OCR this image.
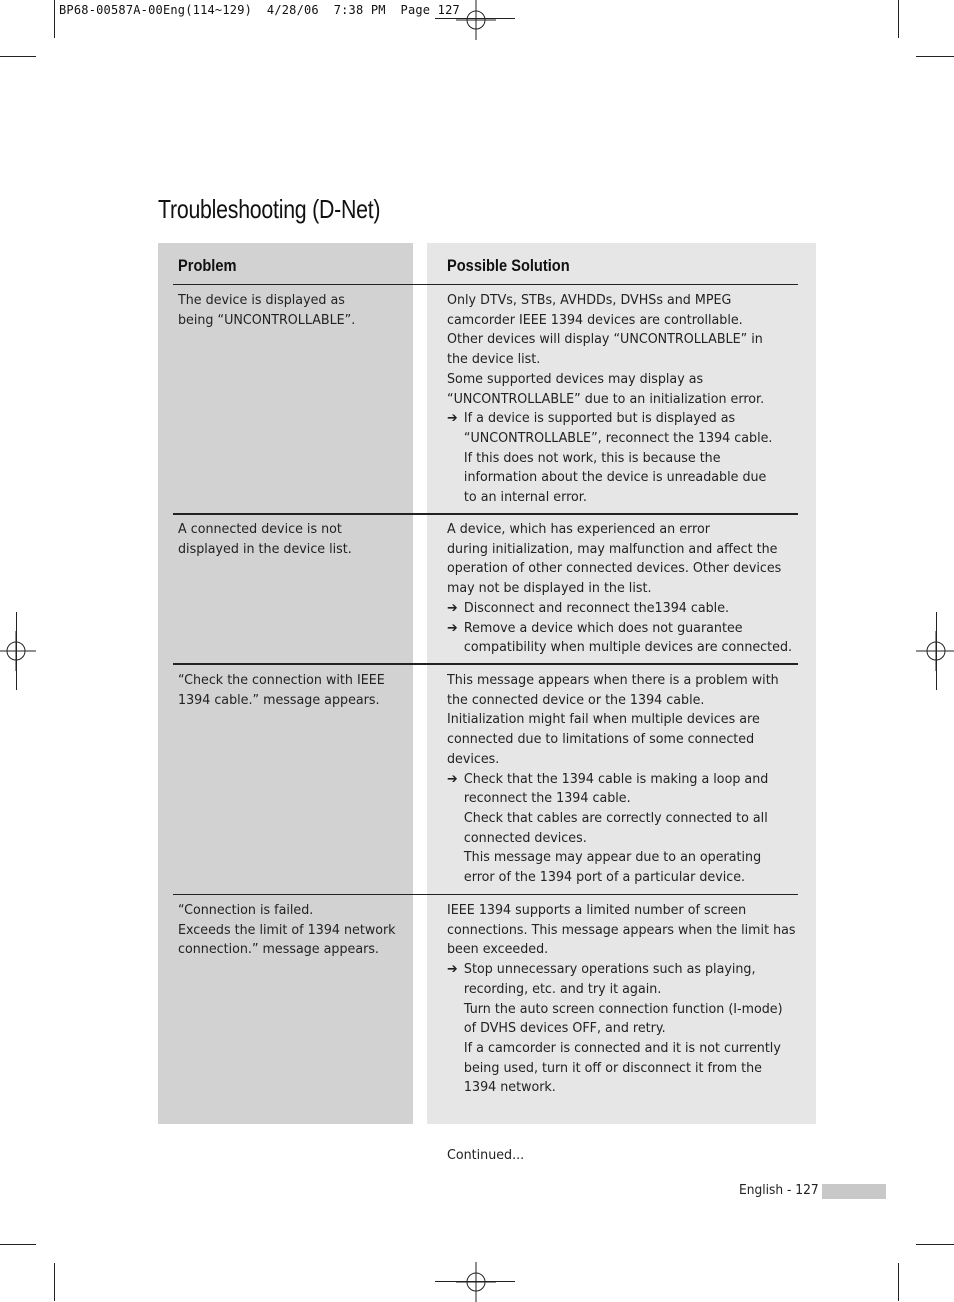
BP68-00587A-00Eng(114~129)  4/28/06  7:38 PM  Page 127
Troubleshooting (D-Net)
Problem	Possible Solution
The device is displayed as
being “UNCONTROLLABLE”.
Only DTVs, STBs, AVHDDs, DVHSs and MPEG
camcorder IEEE 1394 devices are controllable.
Other devices will display “UNCONTROLLABLE” in
the device list.
Some supported devices may display as
“UNCONTROLLABLE” due to an initialization error.
➔ If a device is supported but is displayed as
“UNCONTROLLABLE”, reconnect the 1394 cable.
If this does not work, this is because the
information about the device is unreadable due
to an internal error.
A connected device is not
displayed in the device list.
A device, which has experienced an error
during initialization, may malfunction and affect the
operation of other connected devices. Other devices
may not be displayed in the list.
➔ Disconnect and reconnect the1394 cable.
➔ Remove a device which does not guarantee
compatibility when multiple devices are connected.
“Check the connection with IEEE
1394 cable.” message appears.
This message appears when there is a problem with
the connected device or the 1394 cable.
Initialization might fail when multiple devices are
connected due to limitations of some connected
devices.
➔ Check that the 1394 cable is making a loop and
reconnect the 1394 cable.
Check that cables are correctly connected to all
connected devices.
This message may appear due to an operating
error of the 1394 port of a particular device.
“Connection is failed.
Exceeds the limit of 1394 network
connection.” message appears.
IEEE 1394 supports a limited number of screen
connections. This message appears when the limit has
been exceeded.
➔ Stop unnecessary operations such as playing,
recording, etc. and try it again.
Turn the auto screen connection function (I-mode)
of DVHS devices OFF, and retry.
If a camcorder is connected and it is not currently
being used, turn it off or disconnect it from the
1394 network.
Continued...
English - 127
